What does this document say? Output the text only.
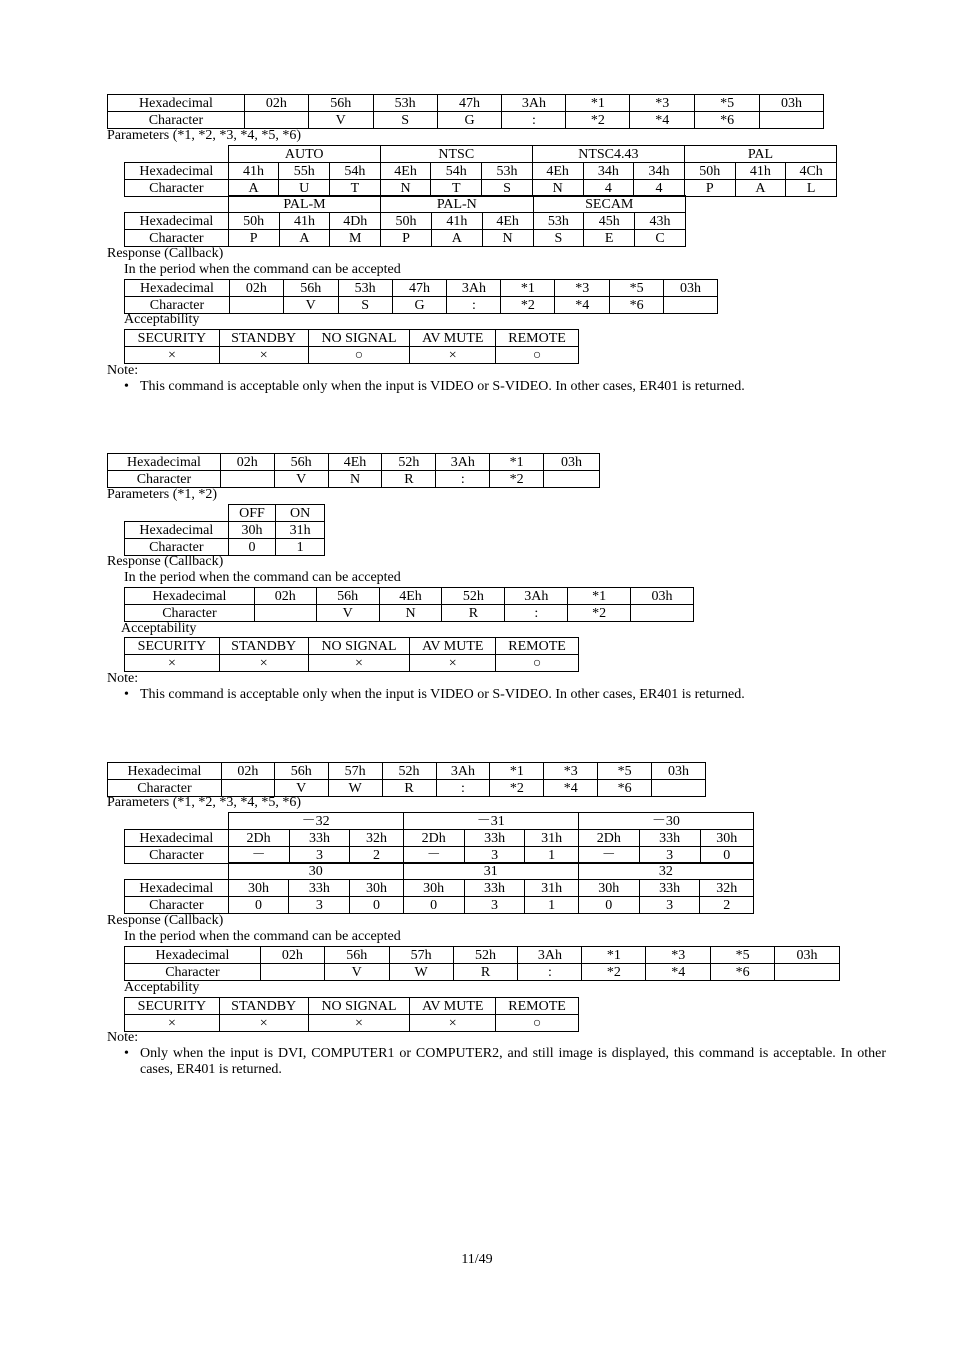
Hexadecimal	02h	56h	53h	47h	3Ah	*1	*3	*5	03h
Character		V	S	G	:	*2	*4	*6	
Parameters (*1, *2, *3, *4, *5, *6)
	AUTO			NTSC			NTSC4.43			PAL		
Hexadecimal	41h	55h	54h	4Eh	54h	53h	4Eh	34h	34h	50h	41h	4Ch
Character	A	U	T	N	T	S	N	4	4	P	A	L
	PAL-M			PAL-N			SECAM		
Hexadecimal	50h	41h	4Dh	50h	41h	4Eh	53h	45h	43h
Character	P	A	M	P	A	N	S	E	C
Response (Callback)
In the period when the command can be accepted
Hexadecimal	02h	56h	53h	47h	3Ah	*1	*3	*5	03h
Character		V	S	G	:	*2	*4	*6	
Acceptability
SECURITY	STANDBY	NO SIGNAL	AV MUTE	REMOTE
×	×	○	×	○
Note:
• This command is acceptable only when the input is VIDEO or S-VIDEO. In other cases, ER401 is returned.
Hexadecimal	02h	56h	4Eh	52h	3Ah	*1	03h
Character		V	N	R	:	*2	
Parameters (*1, *2)
	OFF	ON
Hexadecimal	30h	31h
Character	0	1
Response (Callback)
In the period when the command can be accepted
Hexadecimal	02h	56h	4Eh	52h	3Ah	*1	03h
Character		V	N	R	:	*2	
Acceptability
SECURITY	STANDBY	NO SIGNAL	AV MUTE	REMOTE
×	×	×	×	○
Note:
• This command is acceptable only when the input is VIDEO or S-VIDEO. In other cases, ER401 is returned.
Hexadecimal	02h	56h	57h	52h	3Ah	*1	*3	*5	03h
Character		V	W	R	:	*2	*4	*6	
Parameters (*1, *2, *3, *4, *5, *6)
	－32			－31			－30		
Hexadecimal	2Dh	33h	32h	2Dh	33h	31h	2Dh	33h	30h
Character	－	3	2	－	3	1	－	3	0
	30			31			32		
Hexadecimal	30h	33h	30h	30h	33h	31h	30h	33h	32h
Character	0	3	0	0	3	1	0	3	2
Response (Callback)
In the period when the command can be accepted
Hexadecimal	02h	56h	57h	52h	3Ah	*1	*3	*5	03h
Character		V	W	R	:	*2	*4	*6	
Acceptability
SECURITY	STANDBY	NO SIGNAL	AV MUTE	REMOTE
×	×	×	×	○
Note:
• Only when the input is DVI, COMPUTER1 or COMPUTER2, and still image is displayed, this command is acceptable. In other cases, ER401 is returned.
11/49
